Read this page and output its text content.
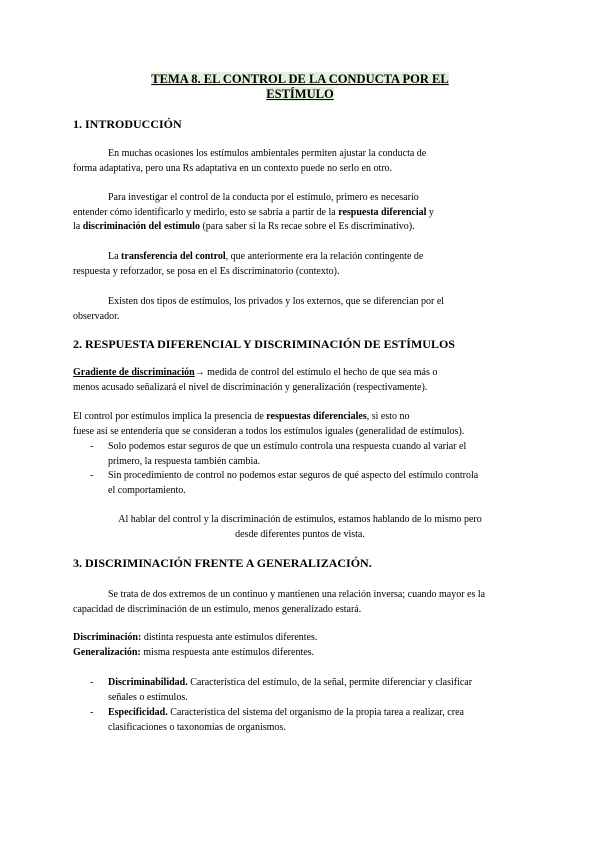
TEMA 8. EL CONTROL DE LA CONDUCTA POR EL
ESTÍMULO
1. INTRODUCCIÓN

En muchas ocasiones los estímulos ambientales permiten ajustar la conducta de
forma adaptativa, pero una Rs adaptativa en un contexto puede no serlo en otro.

Para investigar el control de la conducta por el estímulo, primero es necesario
entender cómo identificarlo y medirlo, esto se sabría a partir de la respuesta diferencial y
la discriminación del estímulo (para saber si la Rs recae sobre el Es discriminativo).

La transferencia del control, que anteriormente era la relación contingente de
respuesta y reforzador, se posa en el Es discriminatorio (contexto).

Existen dos tipos de estímulos, los privados y los externos, que se diferencian por el
observador.

2. RESPUESTA DIFERENCIAL Y DISCRIMINACIÓN DE ESTÍMULOS

Gradiente de discriminación→ medida de control del estímulo el hecho de que sea más o
menos acusado señalizará el nivel de discriminación y generalización (respectivamente).

El control por estímulos implica la presencia de respuestas diferenciales, si esto no
fuese así se entendería que se consideran a todos los estímulos iguales (generalidad de estímulos).

- Solo podemos estar seguros de que un estímulo controla una respuesta cuando al variar el
primero, la respuesta también cambia.
- Sin procedimiento de control no podemos estar seguros de qué aspecto del estímulo controla
el comportamiento.

Al hablar del control y la discriminación de estímulos, estamos hablando de lo mismo pero
desde diferentes puntos de vista.

3. DISCRIMINACIÓN FRENTE A GENERALIZACIÓN.

Se trata de dos extremos de un continuo y mantienen una relación inversa; cuando mayor es la
capacidad de discriminación de un estímulo, menos generalizado estará.

Discriminación: distinta respuesta ante estímulos diferentes.
Generalización: misma respuesta ante estímulos diferentes.

- Discriminabilidad. Característica del estímulo, de la señal, permite diferenciar y clasificar
señales o estímulos.
- Especificidad. Característica del sistema del organismo de la propia tarea a realizar, crea
clasificaciones o taxonomías de organismos.
